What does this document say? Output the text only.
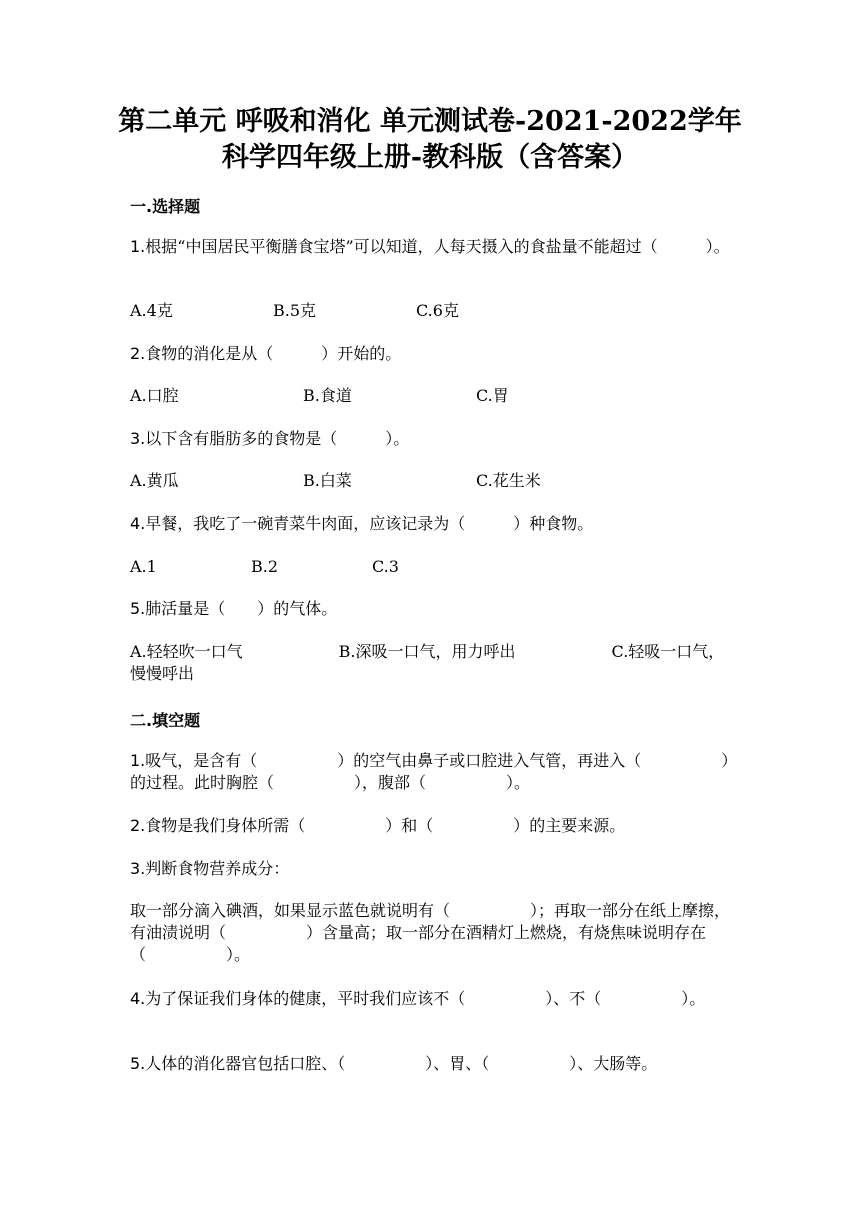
第二单元 呼吸和消化 单元测试卷-2021-2022学年
科学四年级上册-教科版（含答案）
一.选择题
1.根据“中国居民平衡膳食宝塔”可以知道，人每天摄入的食盐量不能超过（　　　）。
A.4克	B.5克	C.6克
2.食物的消化是从（　　　）开始的。
A.口腔	B.食道	C.胃
3.以下含有脂肪多的食物是（　　　）。
A.黄瓜	B.白菜	C.花生米
4.早餐，我吃了一碗青菜牛肉面，应该记录为（　　　）种食物。
A.1	B.2	C.3
5.肺活量是（　　）的气体。
A.轻轻吹一口气	B.深吸一口气，用力呼出	C.轻吸一口气，慢慢呼出
二.填空题
1.吸气，是含有（　　　　　）的空气由鼻子或口腔进入气管，再进入（　　　　　）的过程。此时胸腔（　　　　　），腹部（　　　　　）。
2.食物是我们身体所需（　　　　　）和（　　　　　）的主要来源。
3.判断食物营养成分：
取一部分滴入碘酒，如果显示蓝色就说明有（　　　　　）；再取一部分在纸上摩擦，有油渍说明（　　　　　）含量高；取一部分在酒精灯上燃烧，有烧焦味说明存在（　　　　　）。
4.为了保证我们身体的健康，平时我们应该不（　　　　　）、不（　　　　　）。
5.人体的消化器官包括口腔、（　　　　　）、胃、（　　　　　）、大肠等。
